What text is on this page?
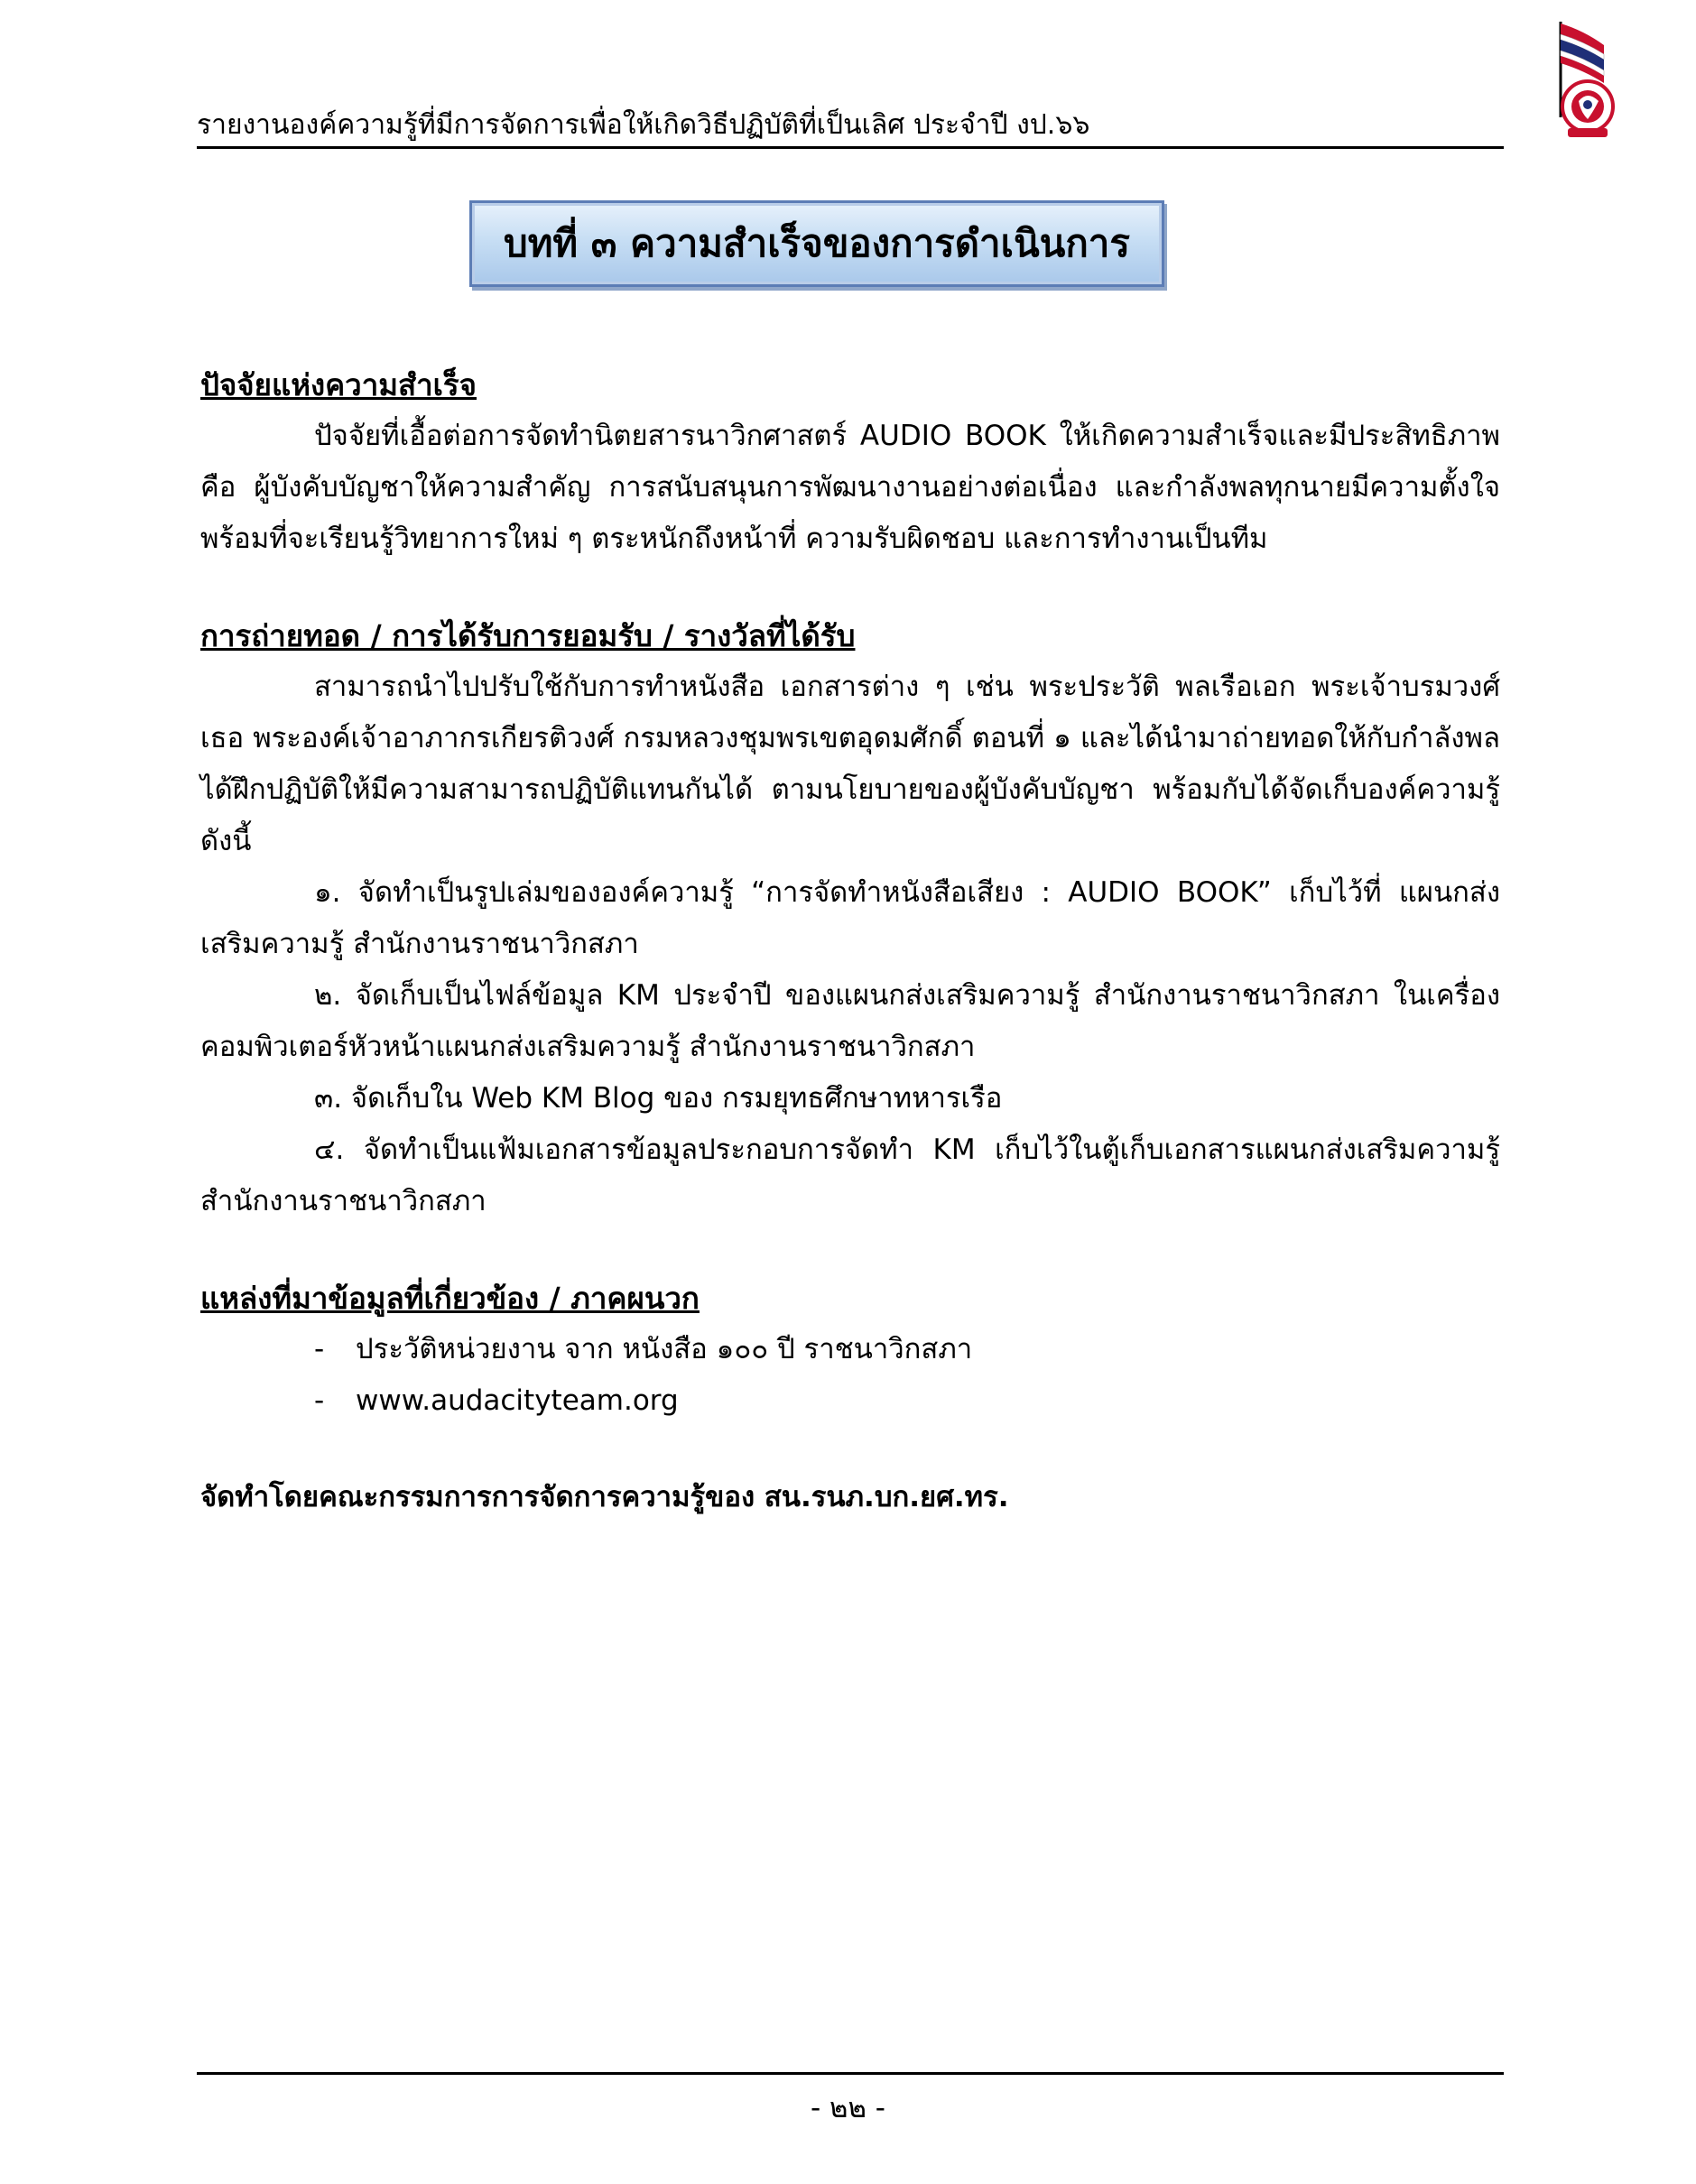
รายงานองค์ความรู้ที่มีการจัดการเพื่อให้เกิดวิธีปฏิบัติที่เป็นเลิศ ประจำปี งป.๖๖
บทที่ ๓ ความสำเร็จของการดำเนินการ
ปัจจัยแห่งความสำเร็จ

ปัจจัยที่เอื้อต่อการจัดทำนิตยสารนาวิกศาสตร์ AUDIO BOOK ให้เกิดความสำเร็จและมีประสิทธิภาพ คือ ผู้บังคับบัญชาให้ความสำคัญ การสนับสนุนการพัฒนางานอย่างต่อเนื่อง และกำลังพลทุกนายมีความตั้งใจพร้อมที่จะเรียนรู้วิทยาการใหม่ ๆ ตระหนักถึงหน้าที่ ความรับผิดชอบ และการทำงานเป็นทีม

การถ่ายทอด / การได้รับการยอมรับ / รางวัลที่ได้รับ

สามารถนำไปปรับใช้กับการทำหนังสือ เอกสารต่าง ๆ เช่น พระประวัติ พลเรือเอก พระเจ้าบรมวงศ์เธอ พระองค์เจ้าอาภากรเกียรติวงศ์ กรมหลวงชุมพรเขตอุดมศักดิ์ ตอนที่ ๑ และได้นำมาถ่ายทอดให้กับกำลังพลได้ฝึกปฏิบัติให้มีความสามารถปฏิบัติแทนกันได้ ตามนโยบายของผู้บังคับบัญชา พร้อมกับได้จัดเก็บองค์ความรู้ ดังนี้

๑. จัดทำเป็นรูปเล่มขององค์ความรู้ “การจัดทำหนังสือเสียง : AUDIO BOOK” เก็บไว้ที่ แผนกส่งเสริมความรู้ สำนักงานราชนาวิกสภา

๒. จัดเก็บเป็นไฟล์ข้อมูล KM ประจำปี ของแผนกส่งเสริมความรู้ สำนักงานราชนาวิกสภา ในเครื่องคอมพิวเตอร์หัวหน้าแผนกส่งเสริมความรู้ สำนักงานราชนาวิกสภา

๓. จัดเก็บใน Web KM Blog ของ กรมยุทธศึกษาทหารเรือ

๔. จัดทำเป็นแฟ้มเอกสารข้อมูลประกอบการจัดทำ KM เก็บไว้ในตู้เก็บเอกสารแผนกส่งเสริมความรู้ สำนักงานราชนาวิกสภา

แหล่งที่มาข้อมูลที่เกี่ยวข้อง / ภาคผนวก
- ประวัติหน่วยงาน จาก หนังสือ ๑๐๐ ปี ราชนาวิกสภา
- www.audacityteam.org
จัดทำโดยคณะกรรมการการจัดการความรู้ของ สน.รนภ.บก.ยศ.ทร.
- ๒๒ -
